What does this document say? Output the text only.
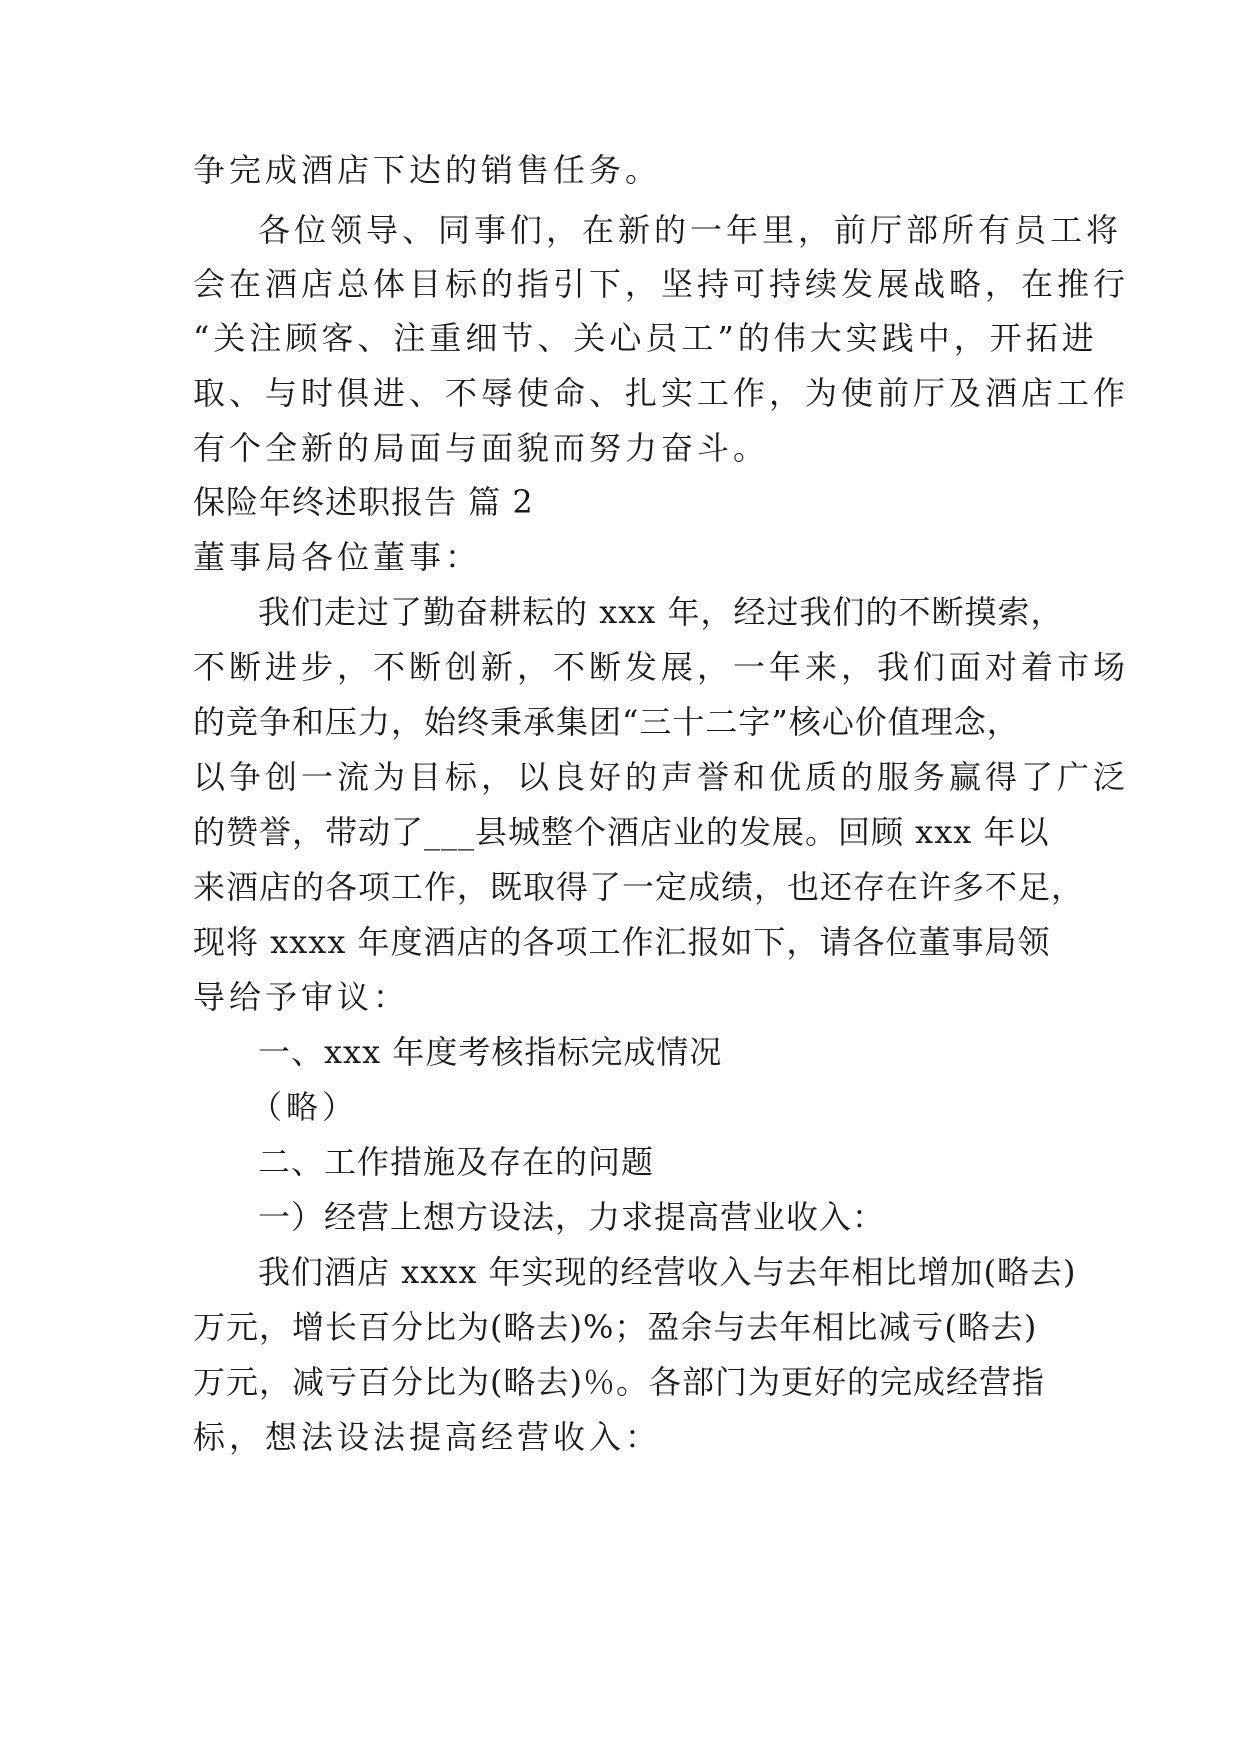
争完成酒店下达的销售任务。

各位领导、同事们，在新的一年里，前厅部所有员工将

会在酒店总体目标的指引下，坚持可持续发展战略，在推行

“关注顾客、注重细节、关心员工”的伟大实践中，开拓进

取、与时俱进、不辱使命、扎实工作，为使前厅及酒店工作

有个全新的局面与面貌而努力奋斗。

保险年终述职报告 篇 2

董事局各位董事：

我们走过了勤奋耕耘的 xxx 年，经过我们的不断摸索，

不断进步，不断创新，不断发展，一年来，我们面对着市场

的竞争和压力，始终秉承集团“三十二字”核心价值理念，

以争创一流为目标，以良好的声誉和优质的服务赢得了广泛

的赞誉，带动了___县城整个酒店业的发展。回顾 xxx 年以

来酒店的各项工作，既取得了一定成绩，也还存在许多不足，

现将 xxxx 年度酒店的各项工作汇报如下，请各位董事局领

导给予审议：

一、xxx 年度考核指标完成情况

（略）

二、工作措施及存在的问题

一）经营上想方设法，力求提高营业收入：

我们酒店 xxxx 年实现的经营收入与去年相比增加(略去)

万元，增长百分比为(略去)%；盈余与去年相比减亏(略去)

万元，减亏百分比为(略去)％。各部门为更好的完成经营指

标，想法设法提高经营收入：
